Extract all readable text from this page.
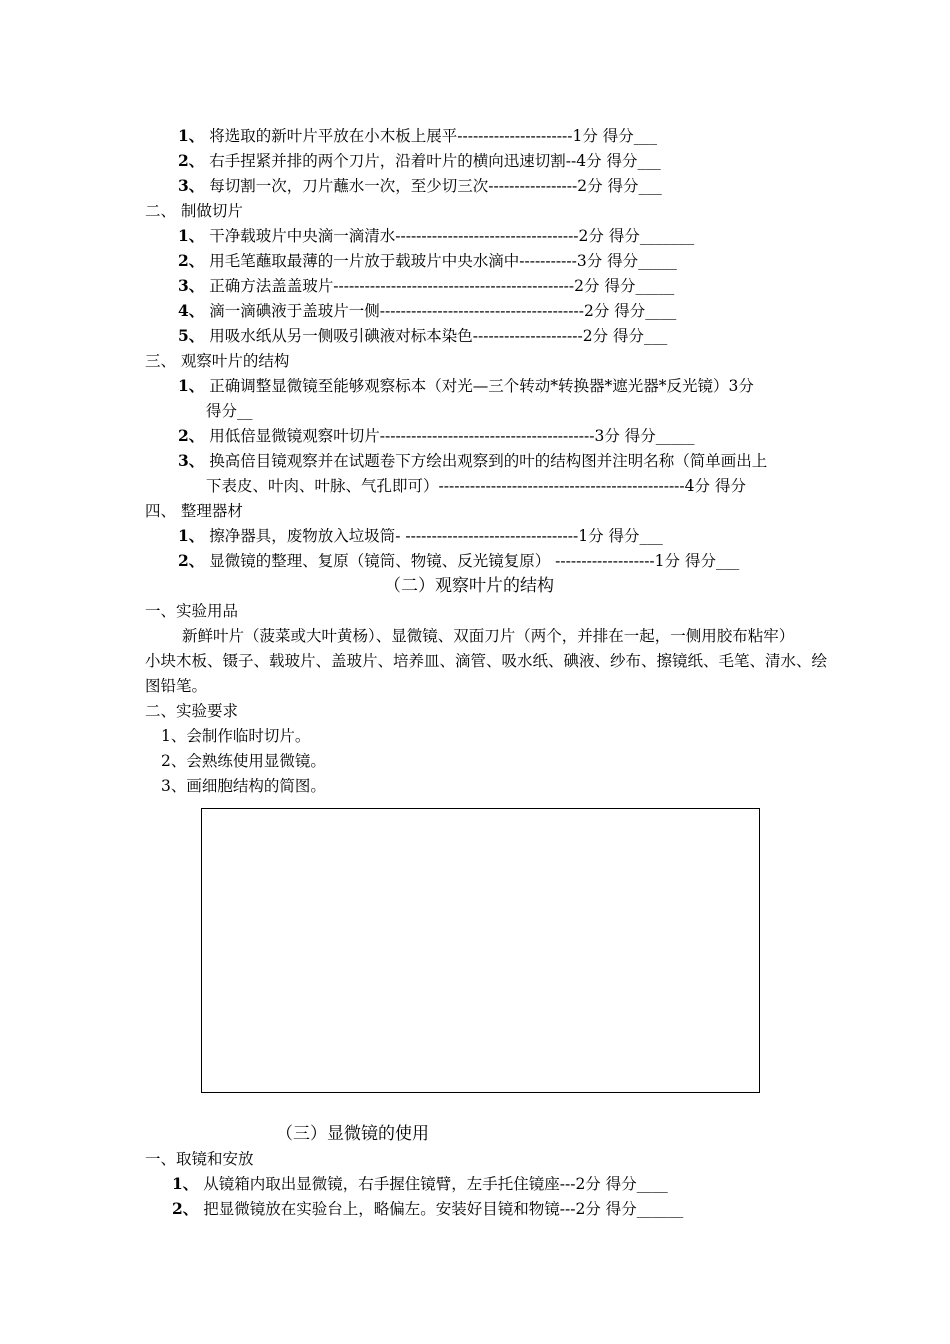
1、 将选取的新叶片平放在小木板上展平----------------------1分 得分___
2、 右手捏紧并排的两个刀片，沿着叶片的横向迅速切割--4分 得分___
3、 每切割一次，刀片蘸水一次，至少切三次-----------------2分 得分___
二、 制做切片
1、 干净载玻片中央滴一滴清水-----------------------------------2分 得分_______
2、 用毛笔蘸取最薄的一片放于载玻片中央水滴中-----------3分 得分_____
3、 正确方法盖盖玻片----------------------------------------------2分 得分_____
4、 滴一滴碘液于盖玻片一侧---------------------------------------2分 得分____
5、 用吸水纸从另一侧吸引碘液对标本染色---------------------2分 得分___
三、 观察叶片的结构
1、 正确调整显微镜至能够观察标本（对光—三个转动*转换器*遮光器*反光镜）3分
得分__
2、 用低倍显微镜观察叶切片-----------------------------------------3分 得分_____
3、 换高倍目镜观察并在试题卷下方绘出观察到的叶的结构图并注明名称（简单画出上
下表皮、叶肉、叶脉、气孔即可）-----------------------------------------------4分 得分
四、 整理器材
1、 擦净器具，废物放入垃圾筒- ---------------------------------1分 得分___
2、 显微镜的整理、复原（镜筒、物镜、反光镜复原） -------------------1分 得分___
（二）观察叶片的结构
一、实验用品
新鲜叶片（菠菜或大叶黄杨）、显微镜、双面刀片（两个，并排在一起，一侧用胶布粘牢）
小块木板、镊子、载玻片、盖玻片、培养皿、滴管、吸水纸、碘液、纱布、擦镜纸、毛笔、清水、绘
图铅笔。
二、实验要求
1、会制作临时切片。
2、会熟练使用显微镜。
3、画细胞结构的简图。
（三）显微镜的使用
一、取镜和安放
1、 从镜箱内取出显微镜，右手握住镜臂，左手托住镜座---2分 得分____
2、 把显微镜放在实验台上，略偏左。安装好目镜和物镜---2分 得分______
